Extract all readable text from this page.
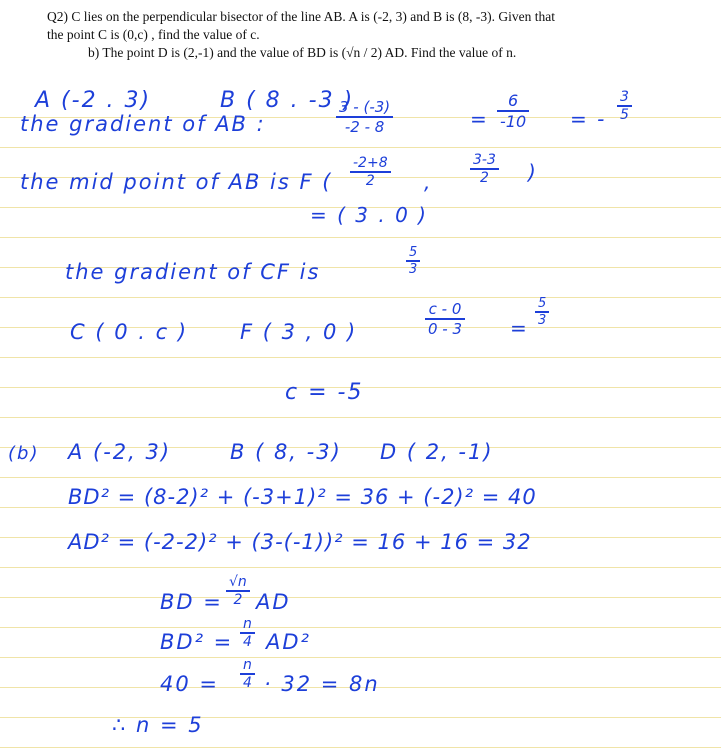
Q2) C lies on the perpendicular bisector of the line AB. A is (-2, 3) and B is (8, -3). Given that
the point C is (0,c) , find the value of c.
b) The point D is (2,-1) and the value of BD is (√n / 2) AD. Find the value of n.
A (-2 . 3)	B ( 8 . -3 )
the gradient of AB :	$\frac{3 - (-3)}{-2 - 8}$	= $\frac{6}{-10}$ = - $\frac{3}{5}$
the mid point of AB is F ( $\frac{-2+8}{2}$ ,	$\frac{3-3}{2}$ )
= ( 3 . 0 )
the gradient of CF is	$\frac{5}{3}$
C ( 0 . c ) F ( 3 , 0 )	$\frac{c - 0}{0 - 3} = \frac{5}{3}$
c = -5
(b) A (-2, 3)	B ( 8, -3) D ( 2, -1)
BD² = (8-2)² + (-3+1)² = 36 + (-2)² = 40
AD² = (-2-2)² + (3-(-1))² = 16 + 16 = 32
BD = $\frac{√n}{2}$ AD
$BD^2 = \frac{n}{4} AD^2$
$40 = \frac{n}{4} \cdot 32 = 8n$
∴ n = 5
